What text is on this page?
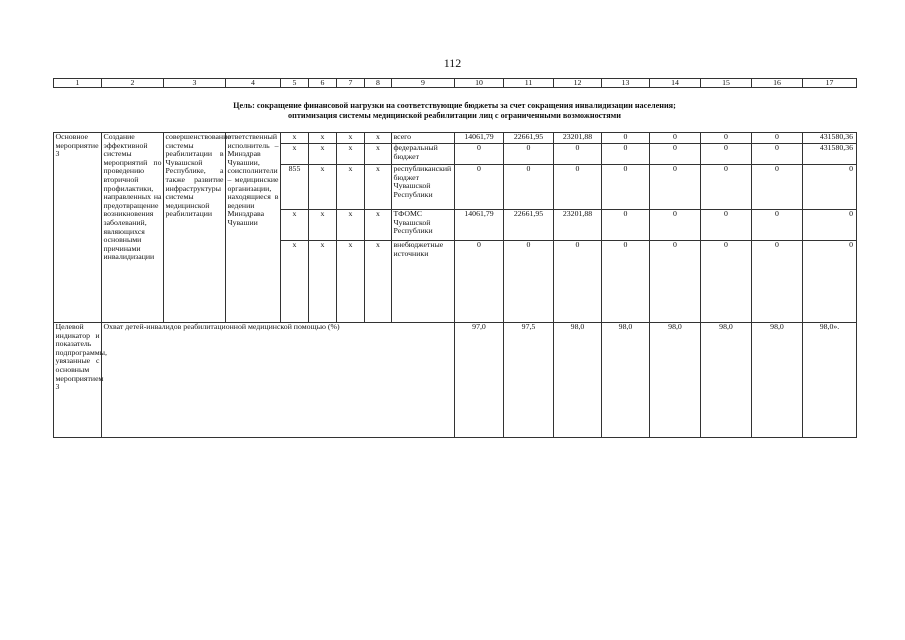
112
1	2	3	4	5	6	7	8	9	10	11	12	13	14	15	16	17
Цель: сокращение финансовой нагрузки на соответствующие бюджеты за счет сокращения инвалидизации населения;
оптимизация системы медицинской реабилитации лиц с ограниченными возможностями
Основное мероприятие 3	Создание эффективной системы мероприятий по проведению вторичной профилактики, направленных на предотвращение возникновения заболеваний, являющихся основными причинами инвалидизации	совершенствование системы реабилитации в Чувашской Республике, а также развитие инфраструктуры системы медицинской реабилитации	ответственный исполнитель – Минздрав Чувашии, соисполнители – медицинские организации, находящиеся в ведении Минздрава Чувашии	x	x	x	x	всего	14061,79	22661,95	23201,88	0	0	0	0	431580,36
				x	x	x	x	федеральный бюджет	0	0	0	0	0	0	0	431580,36
				855	x	x	x	республиканский бюджет Чувашской Республики	0	0	0	0	0	0	0	0
				x	x	x	x	ТФОМС Чувашской Республики	14061,79	22661,95	23201,88	0	0	0	0	0
				x	x	x	x	внебюджетные источники	0	0	0	0	0	0	0	0
Целевой индикатор и показатель подпрограммы, увязанные с основным мероприятием 3	Охват детей-инвалидов реабилитационной медицинской помощью (%)								97,0	97,5	98,0	98,0	98,0	98,0	98,0	98,0».
